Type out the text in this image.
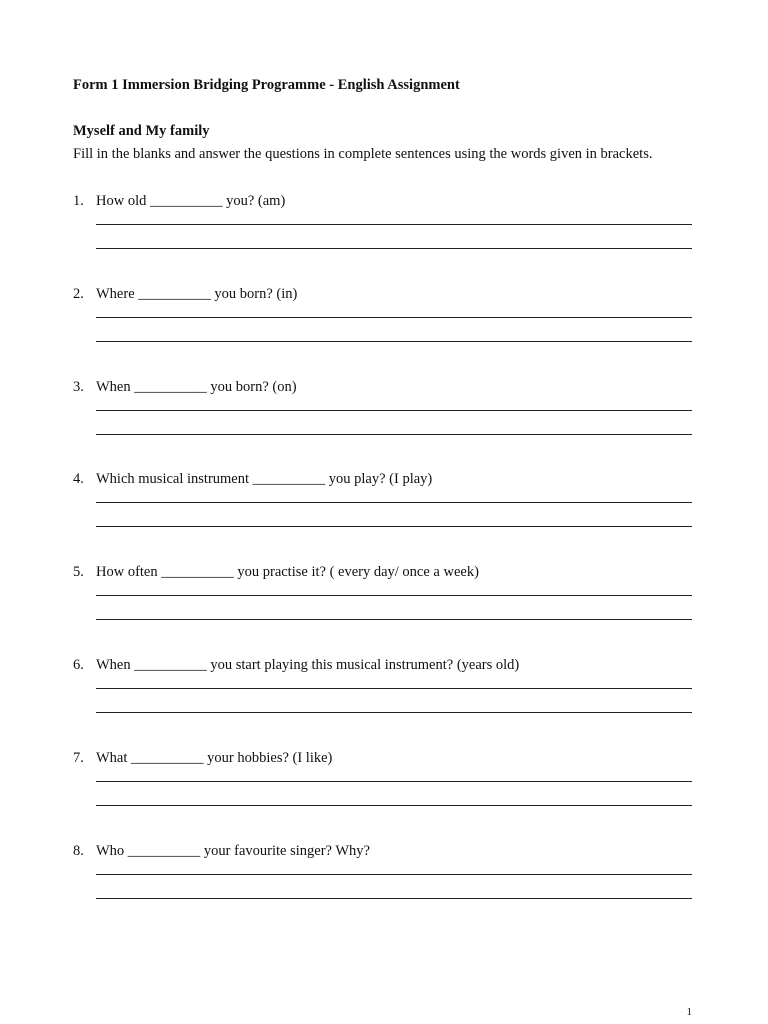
Form 1 Immersion Bridging Programme - English Assignment
Myself and My family
Fill in the blanks and answer the questions in complete sentences using the words given in brackets.
1. How old __________ you? (am)
2. Where __________ you born? (in)
3. When __________ you born? (on)
4. Which musical instrument __________ you play? (I play)
5. How often __________ you practise it? ( every day/ once a week)
6. When __________ you start playing this musical instrument? (years old)
7. What __________ your hobbies? (I like)
8. Who __________ your favourite singer? Why?
1
